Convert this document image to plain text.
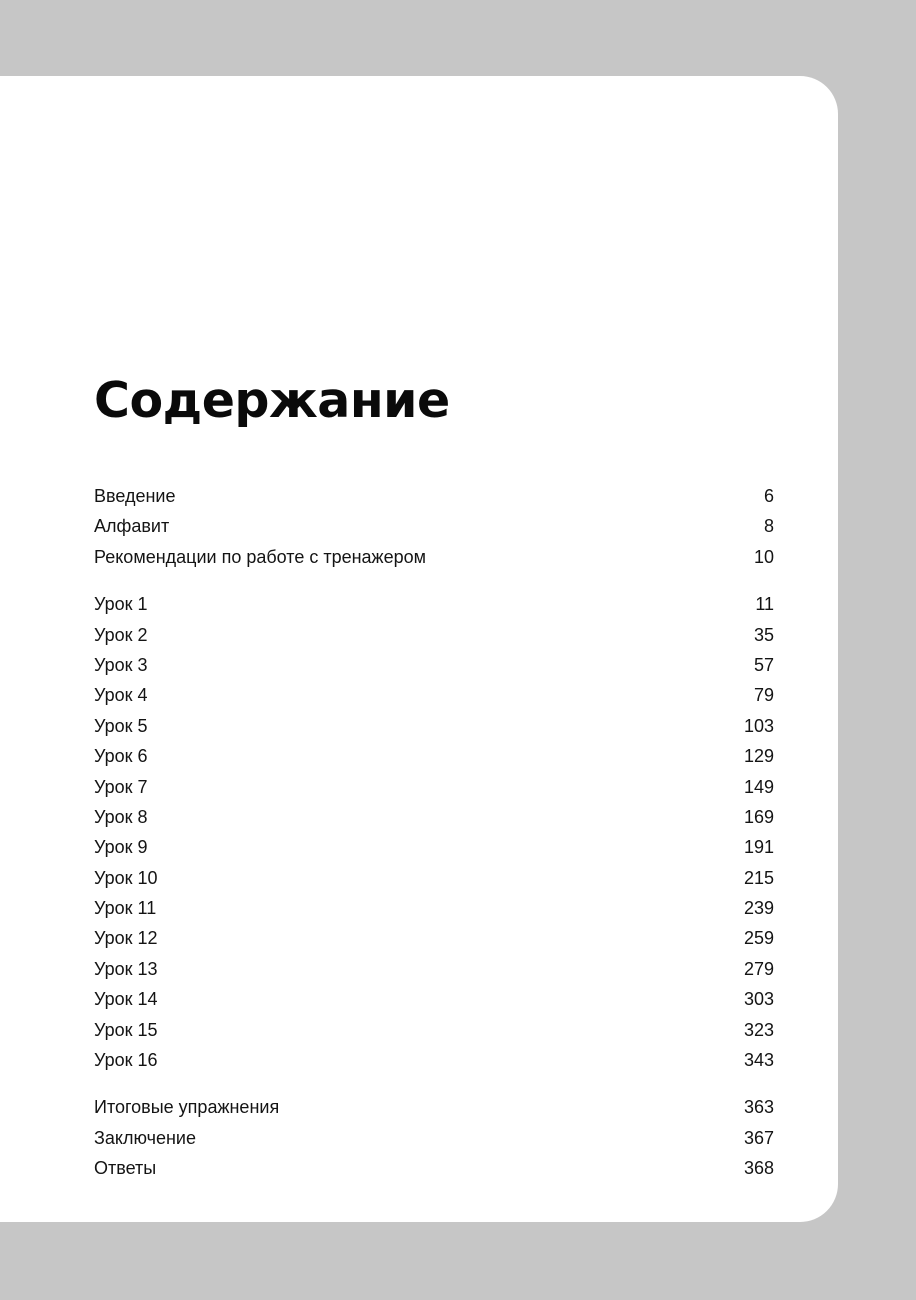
Содержание
Введение	6
Алфавит	8
Рекомендации по работе с тренажером	10
Урок 1	11
Урок 2	35
Урок 3	57
Урок 4	79
Урок 5	103
Урок 6	129
Урок 7	149
Урок 8	169
Урок 9	191
Урок 10	215
Урок 11	239
Урок 12	259
Урок 13	279
Урок 14	303
Урок 15	323
Урок 16	343
Итоговые упражнения	363
Заключение	367
Ответы	368
